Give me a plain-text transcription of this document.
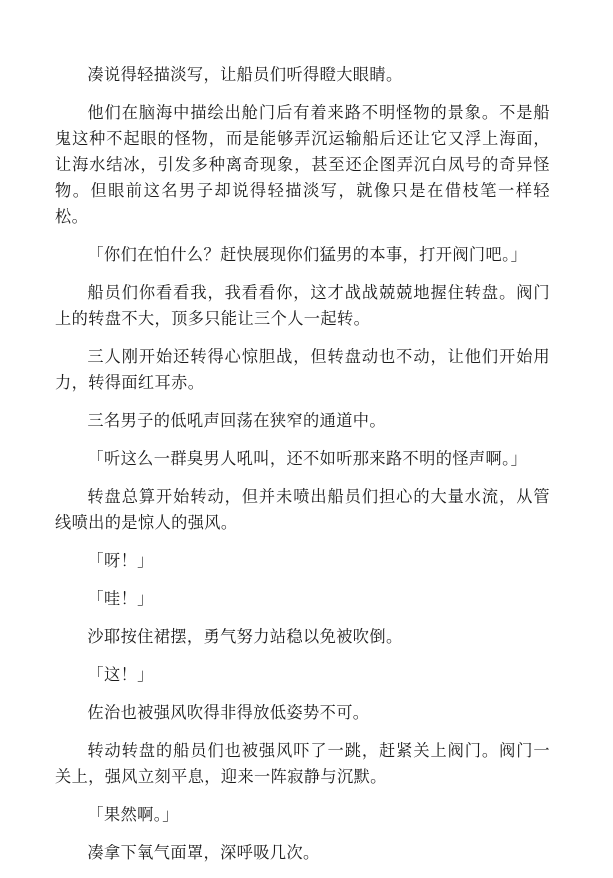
凑说得轻描淡写，让船员们听得瞪大眼睛。

他们在脑海中描绘出舱门后有着来路不明怪物的景象。不是船鬼这种不起眼的怪物，而是能够弄沉运输船后还让它又浮上海面，让海水结冰，引发多种离奇现象，甚至还企图弄沉白凤号的奇异怪物。但眼前这名男子却说得轻描淡写，就像只是在借枝笔一样轻松。

「你们在怕什么？赶快展现你们猛男的本事，打开阀门吧。」

船员们你看看我，我看看你，这才战战兢兢地握住转盘。阀门上的转盘不大，顶多只能让三个人一起转。

三人刚开始还转得心惊胆战，但转盘动也不动，让他们开始用力，转得面红耳赤。

三名男子的低吼声回荡在狭窄的通道中。

「听这么一群臭男人吼叫，还不如听那来路不明的怪声啊。」

转盘总算开始转动，但并未喷出船员们担心的大量水流，从管线喷出的是惊人的强风。

「呀！」

「哇！」

沙耶按住裙摆，勇气努力站稳以免被吹倒。

「这！」

佐治也被强风吹得非得放低姿势不可。

转动转盘的船员们也被强风吓了一跳，赶紧关上阀门。阀门一关上，强风立刻平息，迎来一阵寂静与沉默。

「果然啊。」

凑拿下氧气面罩，深呼吸几次。
